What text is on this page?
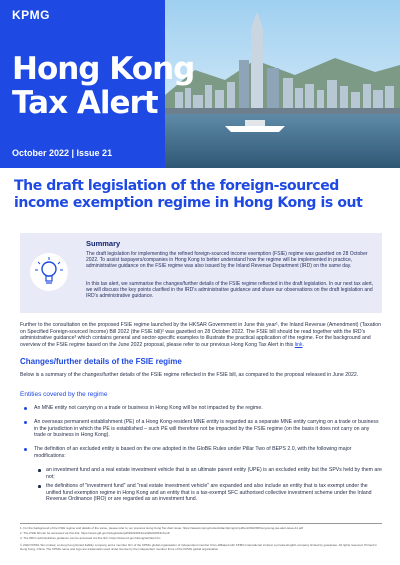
KPMG
Hong Kong
Tax Alert
October 2022 | Issue 21
The draft legislation of the foreign-sourced income exemption regime in Hong Kong is out
Summary

The draft legislation for implementing the refined foreign-sourced income exemption (FSIE) regime was gazetted on 28 October 2022. To assist taxpayers/companies in Hong Kong to better understand how the regime will be implemented in practice, administrative guidance on the FSIE regime was also issued by the Inland Revenue Department (IRD) on the same day.

In this tax alert, we summarise the changes/further details of the FSIE regime reflected in the draft legislation. In our next tax alert, we will discuss the key points clarified in the IRD's administrative guidance and share our observations on the draft legislation and IRD's administrative guidance.

Further to the consultation on the proposed FSIE regime launched by the HKSAR Government in June this year¹, the Inland Revenue (Amendment) (Taxation on Specified Foreign-sourced Income) Bill 2022 (the FSIE bill)² was gazetted on 28 October 2022. The FSIE bill should be read together with the IRD's administrative guidance³ which contains general and sector-specific examples to illustrate the practical application of the regime. For the background and overview of the FSIE regime based on the June 2022 proposal, please refer to our previous Hong Kong Tax Alert in this link.

Changes/further details of the FSIE regime

Below is a summary of the changes/further details of the FSIE regime reflected in the FSIE bill, as compared to the proposal released in June 2022.

Entities covered by the regime
An MNE entity not carrying on a trade or business in Hong Kong will be not impacted by the regime.
An overseas permanent establishment (PE) of a Hong Kong-resident MNE entity is regarded as a separate MNE entity carrying on a trade or business in the jurisdiction in which the PE is established – such PE will therefore not be impacted by the FSIE regime (on the basis it does not carry on any trade or business in Hong Kong).
The definition of an excluded entity is based on the one adopted in the GloBE Rules under Pillar Two of BEPS 2.0, with the following major modifications:
an investment fund and a real estate investment vehicle that is an ultimate parent entity (UPE) is an excluded entity but the SPVs held by them are not;
the definitions of "investment fund" and "real estate investment vehicle" are expanded and also include an entity that is tax exempt under the unified fund exemption regime in Hong Kong and an entity that is a tax-exempt SFC authorised collective investment scheme under the Inland Revenue Ordinance (IRO) or are regarded as an investment fund.

1. For the background of the FSIE regime and details of the same, please refer to our previous Hong Kong Tax Alert issue: https://assets.kpmg/content/dam/kpmg/cn/pdf/en/2022/06/hong-kong-tax-alert-issue-11.pdf

2. The FSIE bill can be accessed via this link: https://www.gld.gov.hk/egazette/pdf/20222643/es32022264319.pdf

3. The IRD's administrative guidance can be accessed via this link: https://www.ird.gov.hk/eng/tax/fsie.htm

© 2022 KPMG Tax Limited, a Hong Kong limited liability company and a member firm of the KPMG global organisation of independent member firms affiliated with KPMG International Limited, a private English company limited by guarantee. All rights reserved. Printed in Hong Kong, China. The KPMG name and logo are trademarks used under license by the independent member firms of the KPMG global organisation.
